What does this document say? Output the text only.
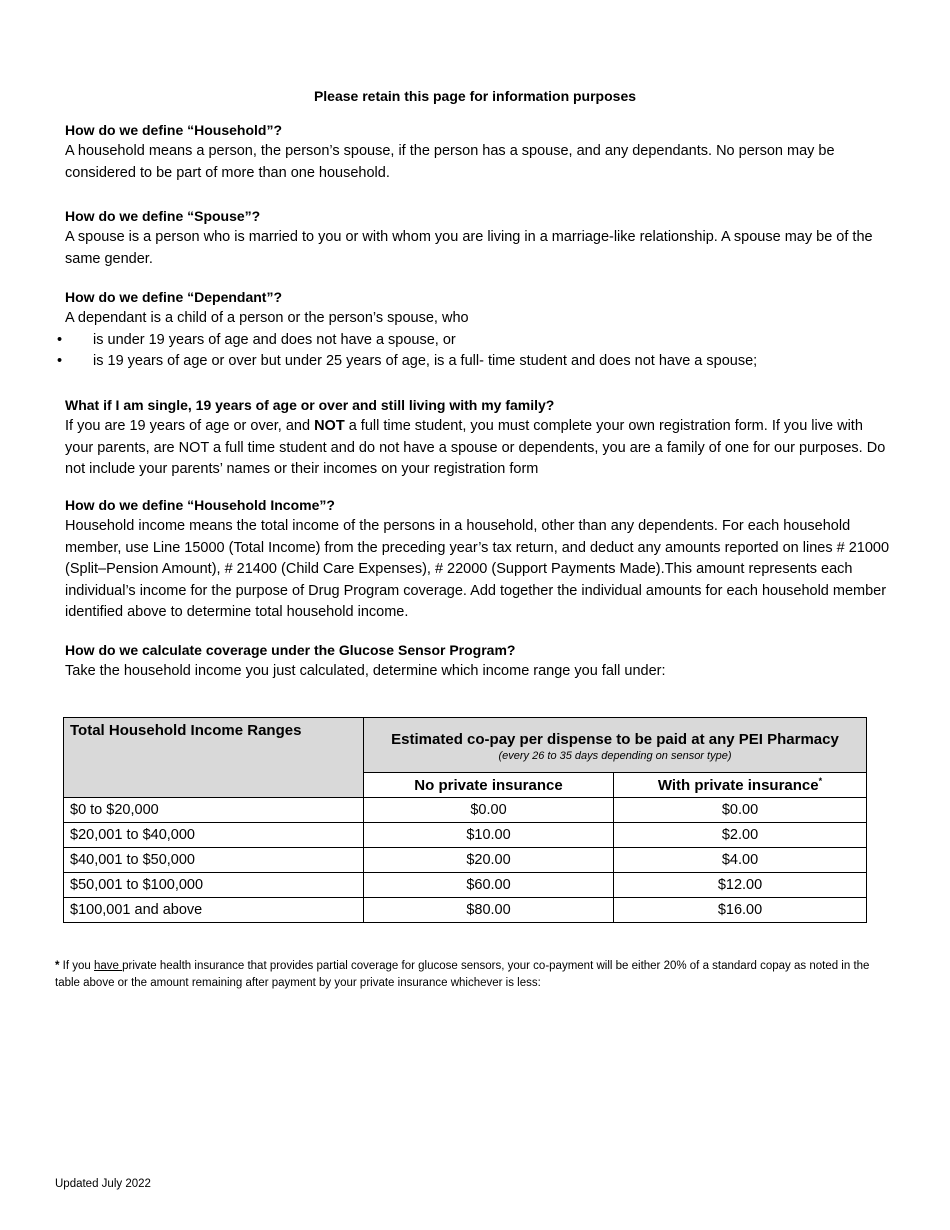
Please retain this page for information purposes
How do we define “Household”?

A household means a person, the person’s spouse, if the person has a spouse, and any dependants. No person may be considered to be part of more than one household.

How do we define “Spouse”?

A spouse is a person who is married to you or with whom you are living in a marriage-like relationship. A spouse may be of the same gender.

How do we define “Dependant”?

A dependant is a child of a person or the person’s spouse, who

• is under 19 years of age and does not have a spouse, or
• is 19 years of age or over but under 25 years of age, is a full- time student and does not have a spouse;
What if I am single, 19 years of age or over and still living with my family?

If you are 19 years of age or over, and NOT a full time student, you must complete your own registration form. If you live with your parents, are NOT a full time student and do not have a spouse or dependents, you are a family of one for our purposes. Do not include your parents’ names or their incomes on your registration form

How do we define “Household Income”?

Household income means the total income of the persons in a household, other than any dependents. For each household member, use Line 15000 (Total Income) from the preceding year’s tax return, and deduct any amounts reported on lines # 21000 (Split–Pension Amount), # 21400 (Child Care Expenses), # 22000 (Support Payments Made).This amount represents each individual’s income for the purpose of Drug Program coverage. Add together the individual amounts for each household member identified above to determine total household income.

How do we calculate coverage under the Glucose Sensor Program?

Take the household income you just calculated, determine which income range you fall under:

Total Household Income Ranges	Estimated co-pay per dispense to be paid at any PEI Pharmacy
(every 26 to 35 days depending on sensor type)	

	No private insurance	With private insurance*
$0 to $20,000	$0.00	$0.00
$20,001 to $40,000	$10.00	$2.00
$40,001 to $50,000	$20.00	$4.00
$50,001 to $100,000	$60.00	$12.00
$100,001 and above	$80.00	$16.00
* If you have private health insurance that provides partial coverage for glucose sensors, your co-payment will be either 20% of a standard copay as noted in the table above or the amount remaining after payment by your private insurance whichever is less:
Updated July 2022
